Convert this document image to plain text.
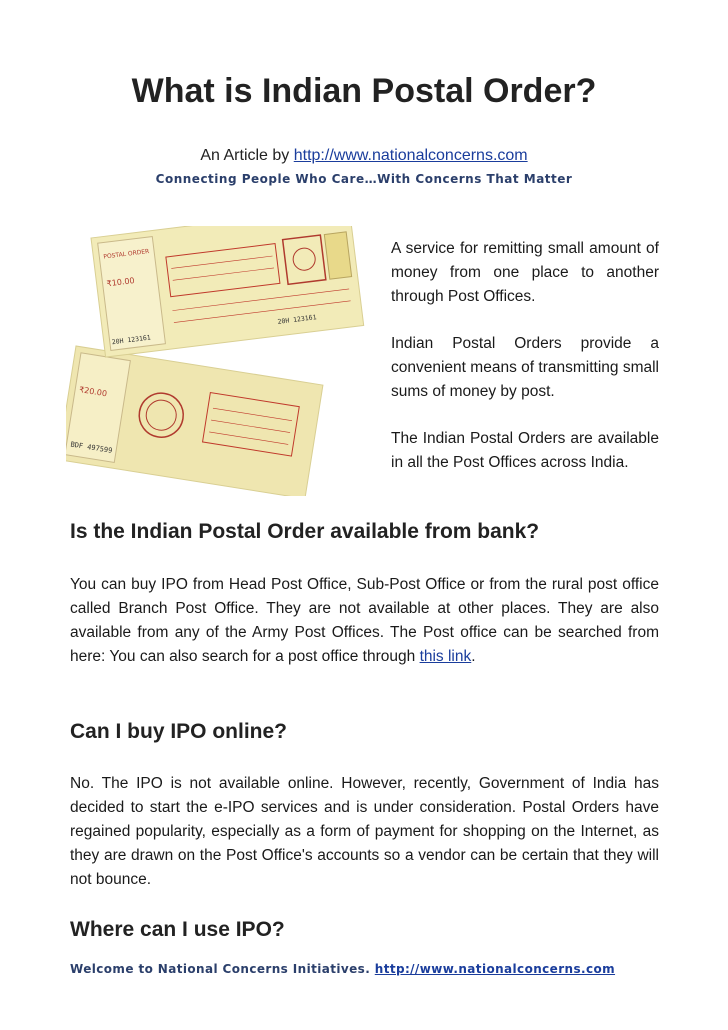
What is Indian Postal Order?
An Article by http://www.nationalconcerns.com
Connecting People Who Care…With Concerns That Matter
₹20.00
BDF 497599
POSTAL ORDER
₹10.00
20H 123161
20H 123161

A service for remitting small amount of money from one place to another through Post Offices.

Indian Postal Orders provide a convenient means of transmitting small sums of money by post.

The Indian Postal Orders are available in all the Post Offices across India.

Is the Indian Postal Order available from bank?

You can buy IPO from Head Post Office, Sub-Post Office or from the rural post office called Branch Post Office. They are not available at other places. They are also available from any of the Army Post Offices. The Post office can be searched from here: You can also search for a post office through this link.

Can I buy IPO online?

No. The IPO is not available online. However, recently, Government of India has decided to start the e-IPO services and is under consideration. Postal Orders have regained popularity, especially as a form of payment for shopping on the Internet, as they are drawn on the Post Office's accounts so a vendor can be certain that they will not bounce.

Where can I use IPO?
Welcome to National Concerns Initiatives. http://www.nationalconcerns.com
